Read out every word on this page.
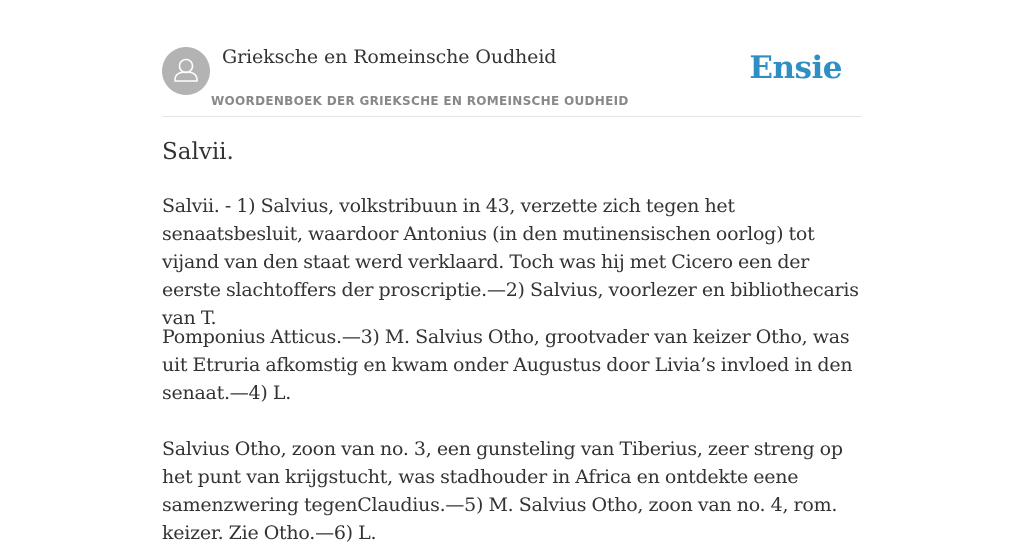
Grieksche en Romeinsche Oudheid
WOORDENBOEK DER GRIEKSCHE EN ROMEINSCHE OUDHEID
Ensie
Salvii.

Salvii. - 1) Salvius, volkstribuun in 43, verzette zich tegen het senaatsbesluit, waardoor Antonius (in den mutinensischen oorlog) tot vijand van den staat werd verklaard. Toch was hij met Cicero een der eerste slachtoffers der proscriptie.—2) Salvius, voorlezer en bibliothecaris van T.

Pomponius Atticus.—3) M. Salvius Otho, grootvader van keizer Otho, was uit Etruria afkomstig en kwam onder Augustus door Livia’s invloed in den senaat.—4) L.

Salvius Otho, zoon van no. 3, een gunsteling van Tiberius, zeer streng op het punt van krijgstucht, was stadhouder in Africa en ontdekte eene samenzwering tegenClaudius.—5) M. Salvius Otho, zoon van no. 4, rom. keizer. Zie Otho.—6) L.
